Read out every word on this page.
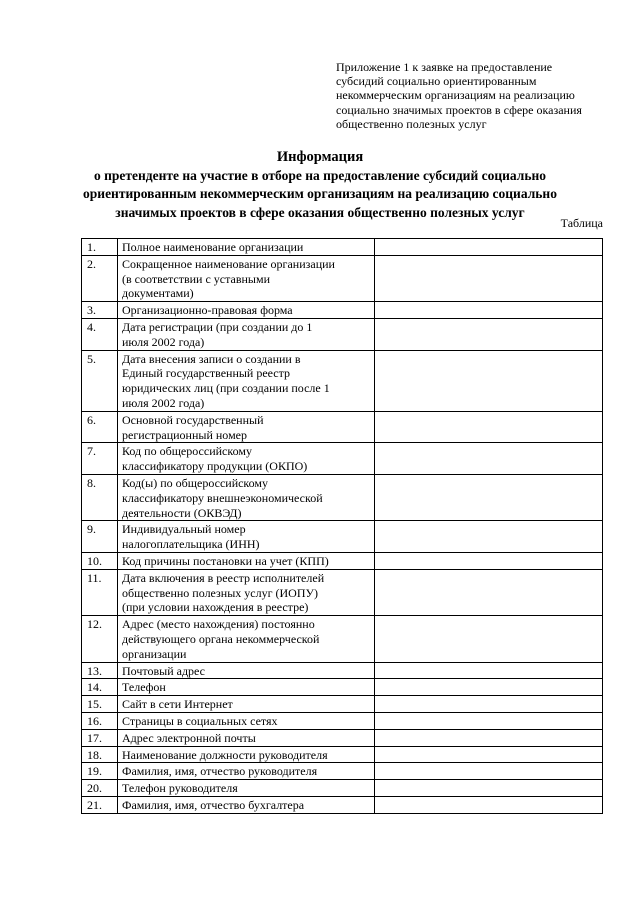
Приложение 1 к заявке на предоставление
субсидий социально ориентированным
некоммерческим организациям на реализацию
социально значимых проектов в сфере оказания
общественно полезных услуг
Информация
о претенденте на участие в отборе на предоставление субсидий социально
ориентированным некоммерческим организациям на реализацию социально
значимых проектов в сфере оказания общественно полезных услуг
Таблица
1.	Полное наименование организации	

2.	Сокращенное наименование организации
(в соответствии с уставными
документами)	

3.	Организационно-правовая форма	

4.	Дата регистрации (при создании до 1
июля 2002 года)	

5.	Дата внесения записи о создании в
Единый государственный реестр
юридических лиц (при создании после 1
июля 2002 года)	

6.	Основной государственный
регистрационный номер	

7.	Код по общероссийскому
классификатору продукции (ОКПО)	

8.	Код(ы) по общероссийскому
классификатору внешнеэкономической
деятельности (ОКВЭД)	

9.	Индивидуальный номер
налогоплательщика (ИНН)	

10.	Код причины постановки на учет (КПП)	

11.	Дата включения в реестр исполнителей
общественно полезных услуг (ИОПУ)
(при условии нахождения в реестре)	

12.	Адрес (место нахождения) постоянно
действующего органа некоммерческой
организации	

13.	Почтовый адрес	

14.	Телефон	

15.	Сайт в сети Интернет	

16.	Страницы в социальных сетях	

17.	Адрес электронной почты	

18.	Наименование должности руководителя	

19.	Фамилия, имя, отчество руководителя	

20.	Телефон руководителя	

21.	Фамилия, имя, отчество бухгалтера	
